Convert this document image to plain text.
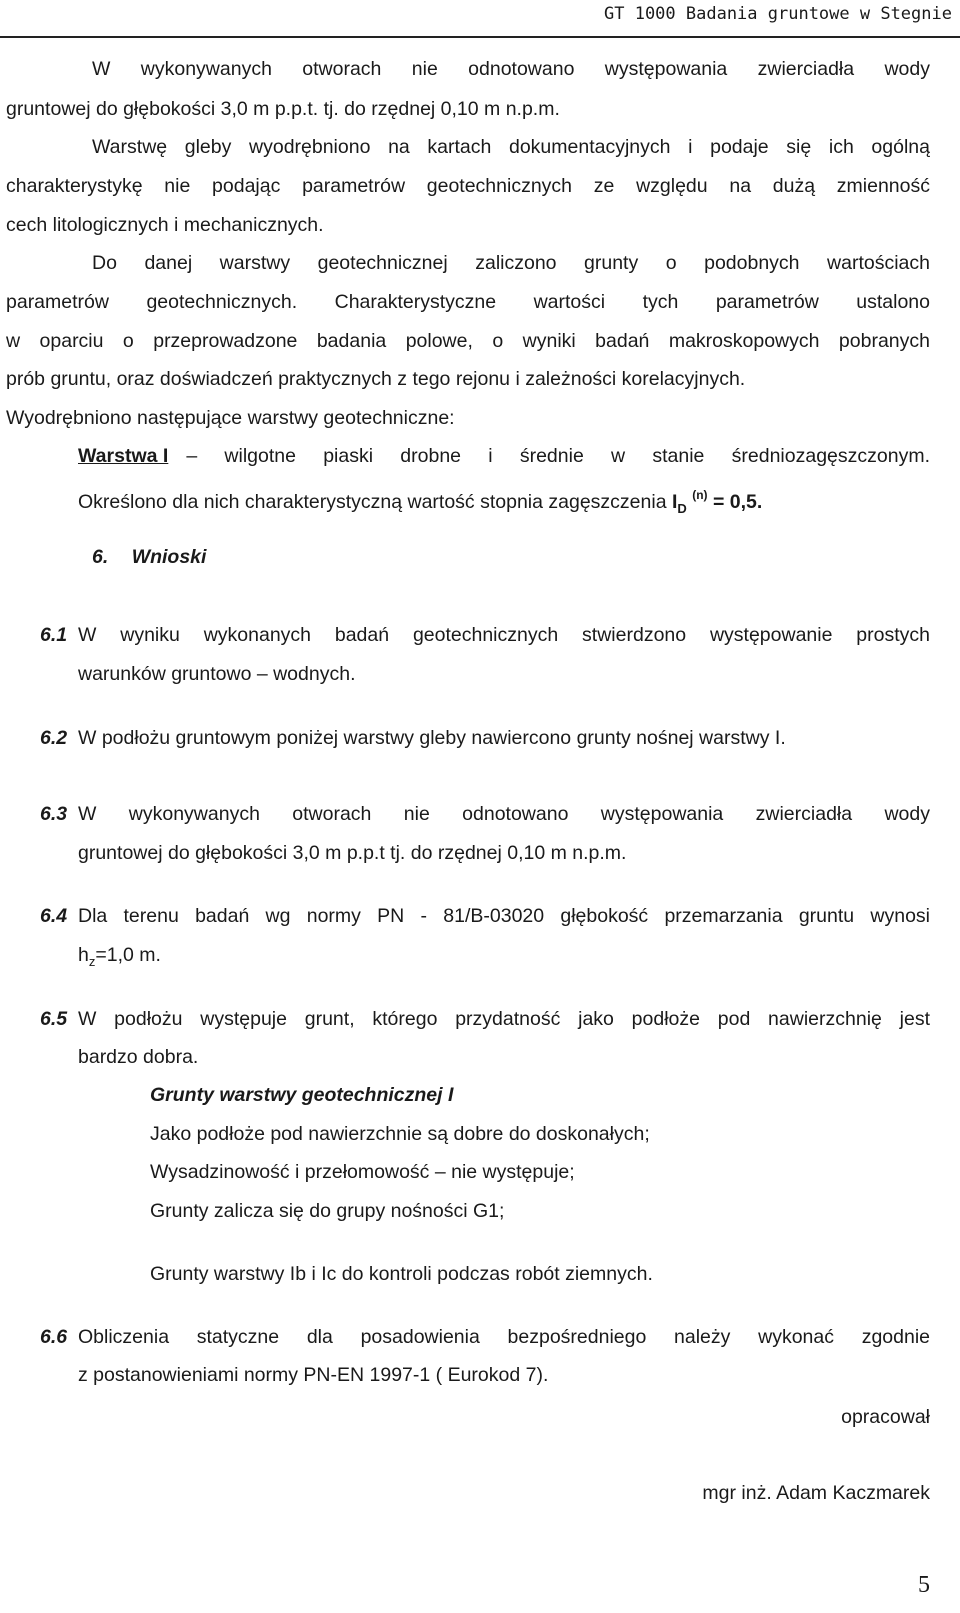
GT 1000 Badania gruntowe w Stegnie
W wykonywanych otworach nie odnotowano występowania zwierciadła wody
gruntowej do głębokości 3,0 m p.p.t. tj. do rzędnej 0,10 m n.p.m.
Warstwę gleby wyodrębniono na kartach dokumentacyjnych i podaje się ich ogólną
charakterystykę nie podając parametrów geotechnicznych ze względu na dużą zmienność
cech litologicznych i mechanicznych.
Do danej warstwy geotechnicznej zaliczono grunty o podobnych wartościach
parametrów geotechnicznych. Charakterystyczne wartości tych parametrów ustalono
w oparciu o przeprowadzone badania polowe, o wyniki badań makroskopowych pobranych
prób gruntu, oraz doświadczeń praktycznych z tego rejonu i zależności korelacyjnych.
Wyodrębniono następujące warstwy geotechniczne:
Warstwa I – wilgotne piaski drobne i średnie w stanie średniozagęszczonym.
Określono dla nich charakterystyczną wartość stopnia zagęszczenia $I_D$ $^{(n)}$ = 0,5.
6. Wnioski
6.1 W wyniku wykonanych badań geotechnicznych stwierdzono występowanie prostych
warunków gruntowo – wodnych.
6.2 W podłożu gruntowym poniżej warstwy gleby nawiercono grunty nośnej warstwy I.
6.3 W wykonywanych otworach nie odnotowano występowania zwierciadła wody
gruntowej do głębokości 3,0 m p.p.t tj. do rzędnej 0,10 m n.p.m.
6.4 Dla terenu badań wg normy PN - 81/B-03020 głębokość przemarzania gruntu wynosi
$h_z=1,0$ m.
6.5 W podłożu występuje grunt, którego przydatność jako podłoże pod nawierzchnię jest
bardzo dobra.
Grunty warstwy geotechnicznej I
Jako podłoże pod nawierzchnie są dobre do doskonałych;
Wysadzinowość i przełomowość – nie występuje;
Grunty zalicza się do grupy nośności G1;
Grunty warstwy Ib i Ic do kontroli podczas robót ziemnych.
6.6 Obliczenia statyczne dla posadowienia bezpośredniego należy wykonać zgodnie
z postanowieniami normy PN-EN 1997-1 ( Eurokod 7).
opracował
mgr inż. Adam Kaczmarek
5
